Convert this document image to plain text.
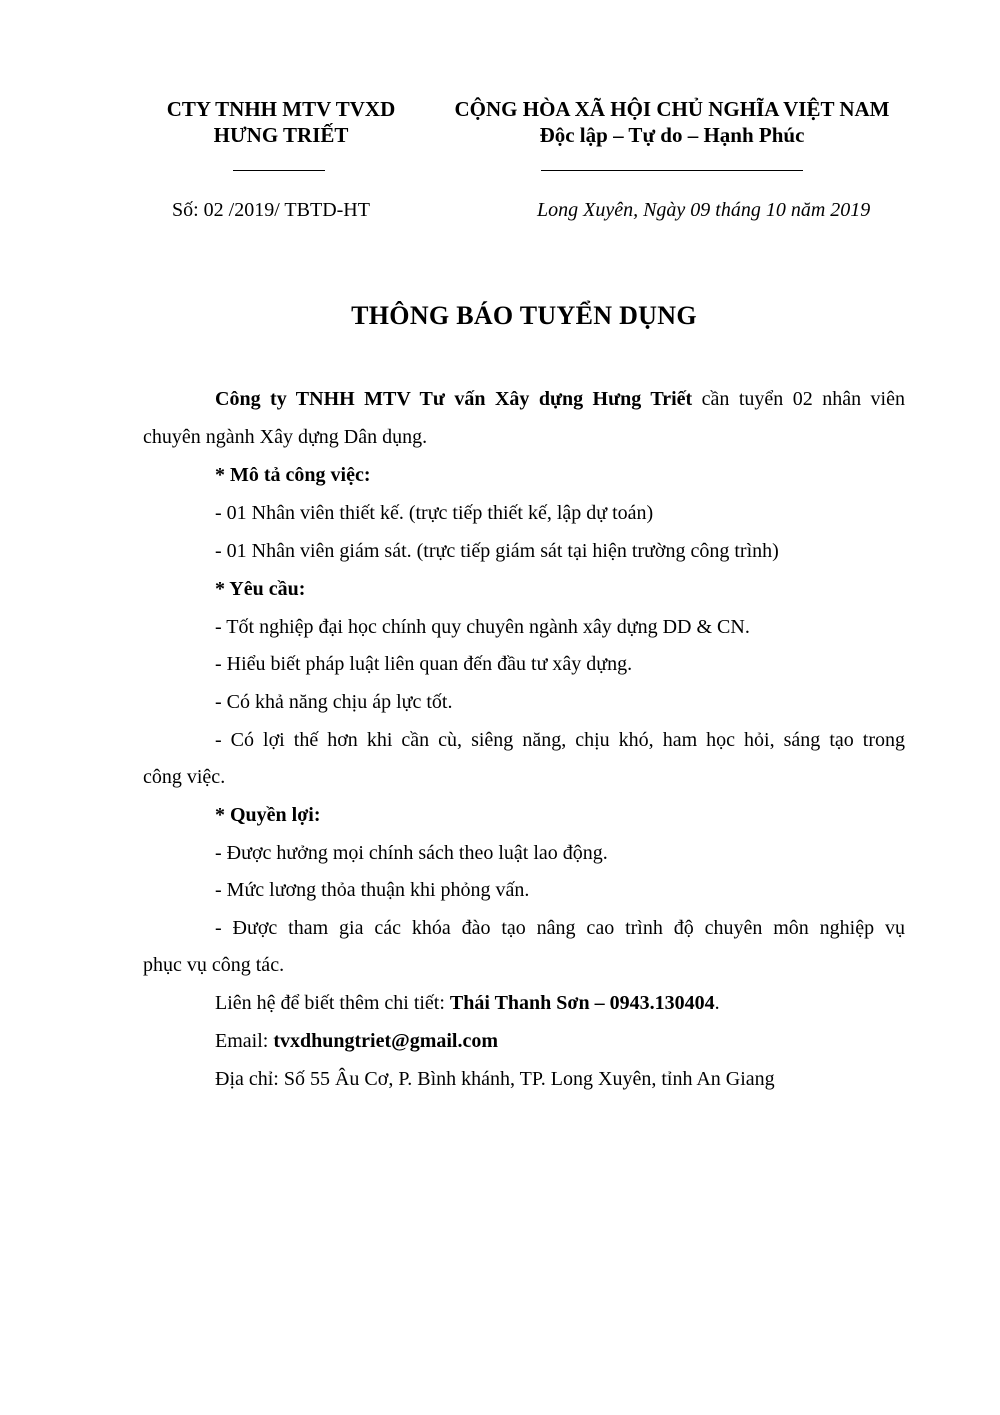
CTY TNHH MTV TVXD
HƯNG TRIẾT
CỘNG HÒA XÃ HỘI CHỦ NGHĨA VIỆT NAM
Độc lập – Tự do – Hạnh Phúc
Số: 02 /2019/ TBTD-HT	Long Xuyên, Ngày 09 tháng 10 năm 2019
THÔNG BÁO TUYỂN DỤNG
Công ty TNHH MTV Tư vấn Xây dựng Hưng Triết cần tuyển 02 nhân viên
chuyên ngành Xây dựng Dân dụng.
* Mô tả công việc:
- 01 Nhân viên thiết kế. (trực tiếp thiết kế, lập dự toán)
- 01 Nhân viên giám sát. (trực tiếp giám sát tại hiện trường công trình)
* Yêu cầu:
- Tốt nghiệp đại học chính quy chuyên ngành xây dựng DD & CN.
- Hiểu biết pháp luật liên quan đến đầu tư xây dựng.
- Có khả năng chịu áp lực tốt.
- Có lợi thế hơn khi cần cù, siêng năng, chịu khó, ham học hỏi, sáng tạo trong
công việc.
* Quyền lợi:
- Được hưởng mọi chính sách theo luật lao động.
- Mức lương thỏa thuận khi phỏng vấn.
- Được tham gia các khóa đào tạo nâng cao trình độ chuyên môn nghiệp vụ
phục vụ công tác.
Liên hệ để biết thêm chi tiết: Thái Thanh Sơn – 0943.130404.
Email: tvxdhungtriet@gmail.com
Địa chỉ: Số 55 Âu Cơ, P. Bình khánh, TP. Long Xuyên, tỉnh An Giang
